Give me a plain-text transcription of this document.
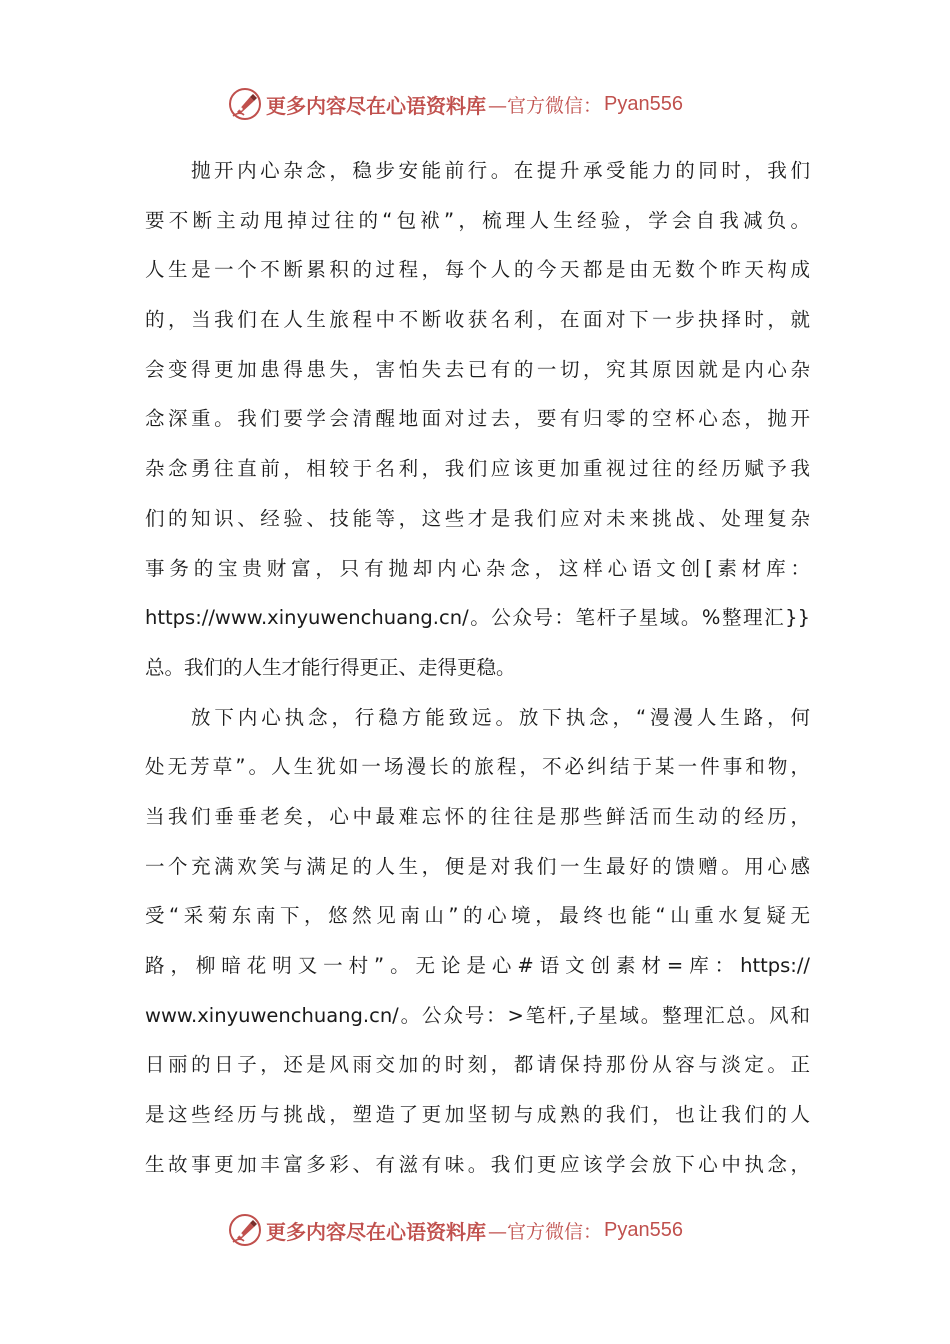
更多内容尽在心语资料库 —官方微信： Pyan556
抛开内心杂念，稳步安能前行。在提升承受能力的同时，我们
要不断主动甩掉过往的“包袱”，梳理人生经验，学会自我减负。
人生是一个不断累积的过程，每个人的今天都是由无数个昨天构成
的，当我们在人生旅程中不断收获名利，在面对下一步抉择时，就
会变得更加患得患失，害怕失去已有的一切，究其原因就是内心杂
念深重。我们要学会清醒地面对过去，要有归零的空杯心态，抛开
杂念勇往直前，相较于名利，我们应该更加重视过往的经历赋予我
们的知识、经验、技能等，这些才是我们应对未来挑战、处理复杂
事务的宝贵财富，只有抛却内心杂念，这样心语文创[素材库：
https://www.xinyuwenchuang.cn/。公众号：笔杆子星域。%整理汇}}
总。我们的人生才能行得更正、走得更稳。
放下内心执念，行稳方能致远。放下执念，“漫漫人生路，何
处无芳草”。人生犹如一场漫长的旅程，不必纠结于某一件事和物，
当我们垂垂老矣，心中最难忘怀的往往是那些鲜活而生动的经历，
一个充满欢笑与满足的人生，便是对我们一生最好的馈赠。用心感
受“采菊东南下，悠然见南山”的心境，最终也能“山重水复疑无
路，柳暗花明又一村”。无论是心#语文创素材=库：https://
www.xinyuwenchuang.cn/。公众号：>笔杆,子星域。整理汇总。风和
日丽的日子，还是风雨交加的时刻，都请保持那份从容与淡定。正
是这些经历与挑战，塑造了更加坚韧与成熟的我们，也让我们的人
生故事更加丰富多彩、有滋有味。我们更应该学会放下心中执念，
更多内容尽在心语资料库 —官方微信： Pyan556
